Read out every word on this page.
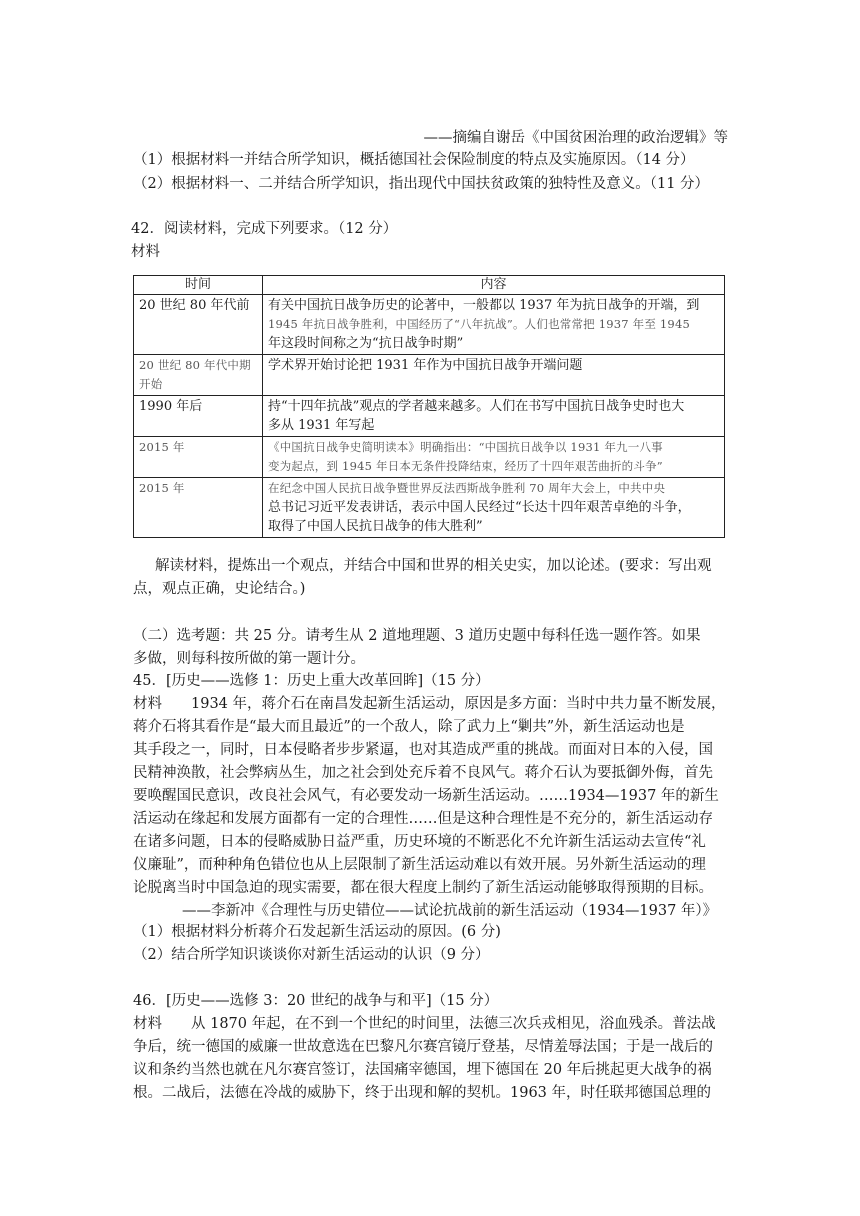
——摘编自谢岳《中国贫困治理的政治逻辑》等
（1）根据材料一并结合所学知识，概括德国社会保险制度的特点及实施原因。（14 分）
（2）根据材料一、二并结合所学知识，指出现代中国扶贫政策的独特性及意义。（11 分）
42．阅读材料，完成下列要求。（12 分）
材料
时间	内容
20 世纪 80 年代前	有关中国抗日战争历史的论著中，一般都以 1937 年为抗日战争的开端，到
1945 年抗日战争胜利，中国经历了“八年抗战”。人们也常常把 1937 年至 1945
年这段时间称之为“抗日战争时期”

20 世纪 80 年代中期
开始	学术界开始讨论把 1931 年作为中国抗日战争开端问题

1990 年后	持“十四年抗战”观点的学者越来越多。人们在书写中国抗日战争史时也大
多从 1931 年写起

2015 年	《中国抗日战争史简明读本》明确指出：“中国抗日战争以 1931 年九一八事
变为起点，到 1945 年日本无条件投降结束，经历了十四年艰苦曲折的斗争”

2015 年	在纪念中国人民抗日战争暨世界反法西斯战争胜利 70 周年大会上，中共中央
总书记习近平发表讲话，表示中国人民经过“长达十四年艰苦卓绝的斗争，
取得了中国人民抗日战争的伟大胜利”
解读材料，提炼出一个观点，并结合中国和世界的相关史实，加以论述。(要求：写出观
点，观点正确，史论结合。)
（二）选考题：共 25 分。请考生从 2 道地理题、3 道历史题中每科任选一题作答。如果
多做，则每科按所做的第一题计分。
45．[历史——选修 1：历史上重大改革回眸]（15 分）
材料　　1934 年，蒋介石在南昌发起新生活运动，原因是多方面：当时中共力量不断发展，
蒋介石将其看作是“最大而且最近”的一个敌人，除了武力上“剿共”外，新生活运动也是
其手段之一，同时，日本侵略者步步紧逼，也对其造成严重的挑战。而面对日本的入侵，国
民精神涣散，社会弊病丛生，加之社会到处充斥着不良风气。蒋介石认为要抵御外侮，首先
要唤醒国民意识，改良社会风气，有必要发动一场新生活运动。……1934—1937 年的新生
活运动在缘起和发展方面都有一定的合理性……但是这种合理性是不充分的，新生活运动存
在诸多问题，日本的侵略威胁日益严重，历史环境的不断恶化不允许新生活运动去宣传“礼
仪廉耻”，而种种角色错位也从上层限制了新生活运动难以有效开展。另外新生活运动的理
论脱离当时中国急迫的现实需要，都在很大程度上制约了新生活运动能够取得预期的目标。
——李新冲《合理性与历史错位——试论抗战前的新生活运动（1934—1937 年）》
（1）根据材料分析蒋介石发起新生活运动的原因。(6 分)
（2）结合所学知识谈谈你对新生活运动的认识（9 分）
46．[历史——选修 3：20 世纪的战争与和平]（15 分）
材料　　从 1870 年起，在不到一个世纪的时间里，法德三次兵戎相见，浴血残杀。普法战
争后，统一德国的威廉一世故意选在巴黎凡尔赛宫镜厅登基，尽情羞辱法国；于是一战后的
议和条约当然也就在凡尔赛宫签订，法国痛宰德国，埋下德国在 20 年后挑起更大战争的祸
根。二战后，法德在冷战的威胁下，终于出现和解的契机。1963 年，时任联邦德国总理的
